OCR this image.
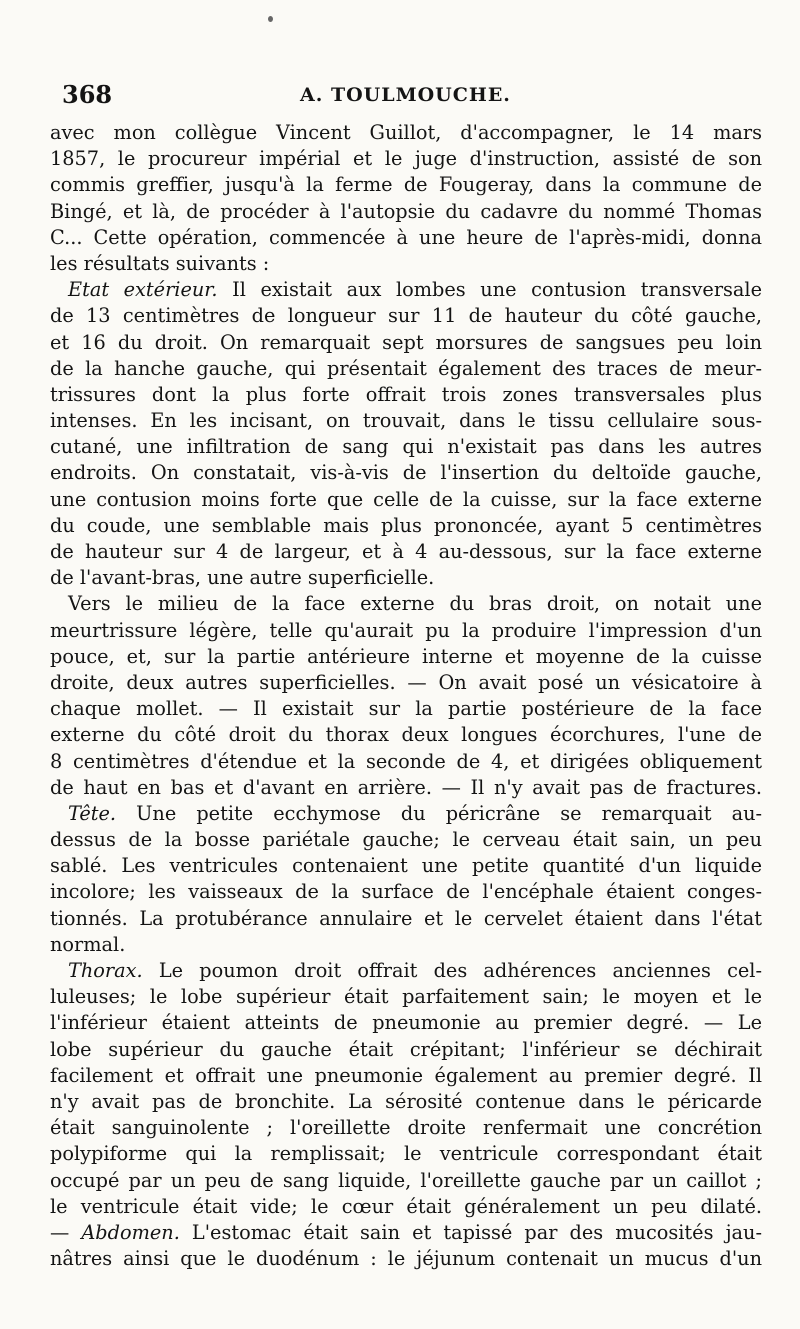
368	A. TOULMOUCHE.
avec mon collègue Vincent Guillot, d'accompagner, le 14 mars
1857, le procureur impérial et le juge d'instruction, assisté de son
commis greffier, jusqu'à la ferme de Fougeray, dans la commune de
Bingé, et là, de procéder à l'autopsie du cadavre du nommé Thomas
C... Cette opération, commencée à une heure de l'après-midi, donna
les résultats suivants :
Etat extérieur. Il existait aux lombes une contusion transversale
de 13 centimètres de longueur sur 11 de hauteur du côté gauche,
et 16 du droit. On remarquait sept morsures de sangsues peu loin
de la hanche gauche, qui présentait également des traces de meur-
trissures dont la plus forte offrait trois zones transversales plus
intenses. En les incisant, on trouvait, dans le tissu cellulaire sous-
cutané, une infiltration de sang qui n'existait pas dans les autres
endroits. On constatait, vis-à-vis de l'insertion du deltoïde gauche,
une contusion moins forte que celle de la cuisse, sur la face externe
du coude, une semblable mais plus prononcée, ayant 5 centimètres
de hauteur sur 4 de largeur, et à 4 au-dessous, sur la face externe
de l'avant-bras, une autre superficielle.
Vers le milieu de la face externe du bras droit, on notait une
meurtrissure légère, telle qu'aurait pu la produire l'impression d'un
pouce, et, sur la partie antérieure interne et moyenne de la cuisse
droite, deux autres superficielles. — On avait posé un vésicatoire à
chaque mollet. — Il existait sur la partie postérieure de la face
externe du côté droit du thorax deux longues écorchures, l'une de
8 centimètres d'étendue et la seconde de 4, et dirigées obliquement
de haut en bas et d'avant en arrière. — Il n'y avait pas de fractures.
Tête. Une petite ecchymose du péricrâne se remarquait au-
dessus de la bosse pariétale gauche; le cerveau était sain, un peu
sablé. Les ventricules contenaient une petite quantité d'un liquide
incolore; les vaisseaux de la surface de l'encéphale étaient conges-
tionnés. La protubérance annulaire et le cervelet étaient dans l'état
normal.
Thorax. Le poumon droit offrait des adhérences anciennes cel-
luleuses; le lobe supérieur était parfaitement sain; le moyen et le
l'inférieur étaient atteints de pneumonie au premier degré. — Le
lobe supérieur du gauche était crépitant; l'inférieur se déchirait
facilement et offrait une pneumonie également au premier degré. Il
n'y avait pas de bronchite. La sérosité contenue dans le péricarde
était sanguinolente ; l'oreillette droite renfermait une concrétion
polypiforme qui la remplissait; le ventricule correspondant était
occupé par un peu de sang liquide, l'oreillette gauche par un caillot ;
le ventricule était vide; le cœur était généralement un peu dilaté.
— Abdomen. L'estomac était sain et tapissé par des mucosités jau-
nâtres ainsi que le duodénum : le jéjunum contenait un mucus d'un
